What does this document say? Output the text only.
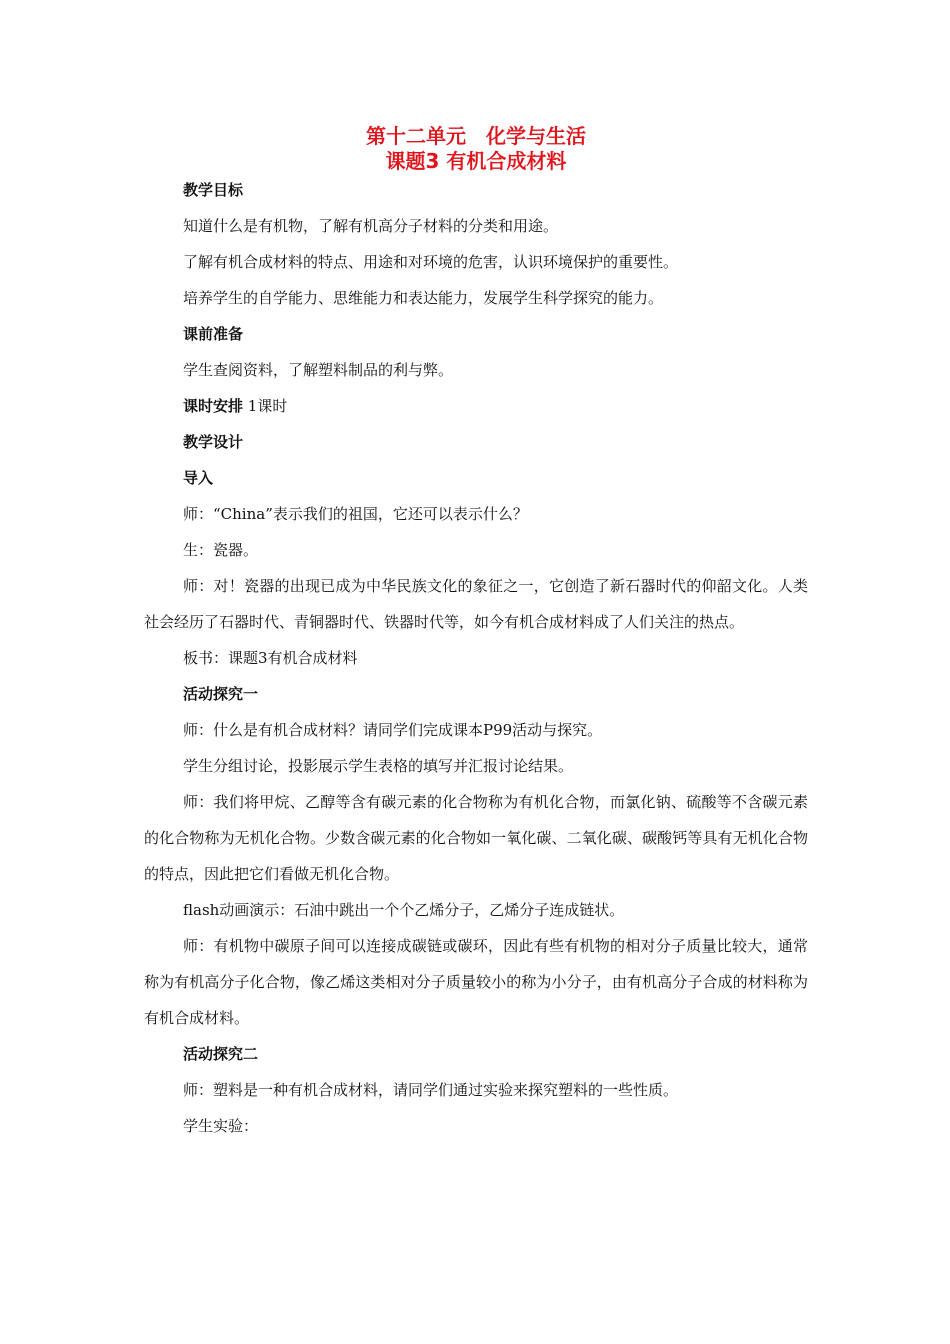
第十二单元　化学与生活
课题3 有机合成材料
教学目标
知道什么是有机物，了解有机高分子材料的分类和用途。
了解有机合成材料的特点、用途和对环境的危害，认识环境保护的重要性。
培养学生的自学能力、思维能力和表达能力，发展学生科学探究的能力。
课前准备
学生查阅资料，了解塑料制品的利与弊。
课时安排 1课时
教学设计
导入
师：“China”表示我们的祖国，它还可以表示什么？
生：瓷器。

师：对！瓷器的出现已成为中华民族文化的象征之一，它创造了新石器时代的仰韶文化。人类社会经历了石器时代、青铜器时代、铁器时代等，如今有机合成材料成了人们关注的热点。

板书：课题3有机合成材料
活动探究一
师：什么是有机合成材料？请同学们完成课本P99活动与探究。
学生分组讨论，投影展示学生表格的填写并汇报讨论结果。

师：我们将甲烷、乙醇等含有碳元素的化合物称为有机化合物，而氯化钠、硫酸等不含碳元素的化合物称为无机化合物。少数含碳元素的化合物如一氧化碳、二氧化碳、碳酸钙等具有无机化合物的特点，因此把它们看做无机化合物。

flash动画演示：石油中跳出一个个乙烯分子，乙烯分子连成链状。

师：有机物中碳原子间可以连接成碳链或碳环，因此有些有机物的相对分子质量比较大，通常称为有机高分子化合物，像乙烯这类相对分子质量较小的称为小分子，由有机高分子合成的材料称为有机合成材料。

活动探究二
师：塑料是一种有机合成材料，请同学们通过实验来探究塑料的一些性质。
学生实验：
